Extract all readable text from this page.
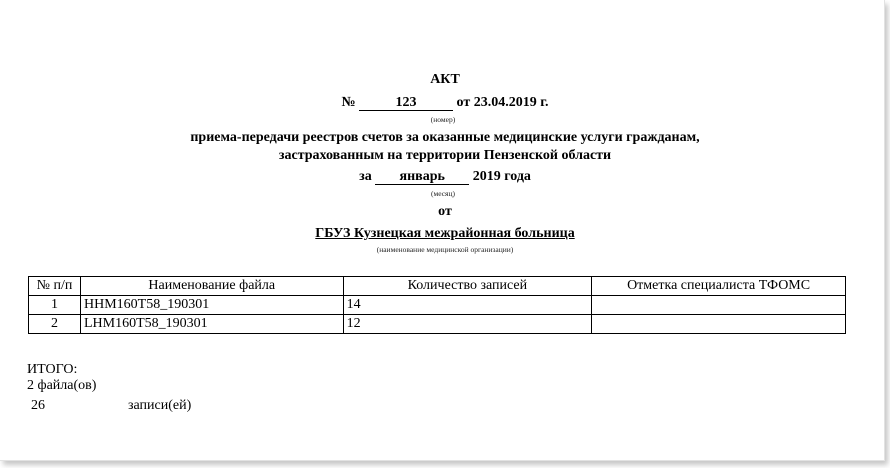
АКТ
№	123	от 23.04.2019 г.
(номер)
приема-передачи реестров счетов за оказанные медицинские услуги гражданам,
застрахованным на территории Пензенской области
за январь 2019 года
(месяц)
от
ГБУЗ Кузнецкая межрайонная больница
(наименование медицинской организации)
№ п/п	Наименование файла	Количество записей	Отметка специалиста ТФОМС
1	HHM160T58_190301	14	
2	LHM160T58_190301	12	
ИТОГО:
2 файла(ов)
26	записи(ей)
